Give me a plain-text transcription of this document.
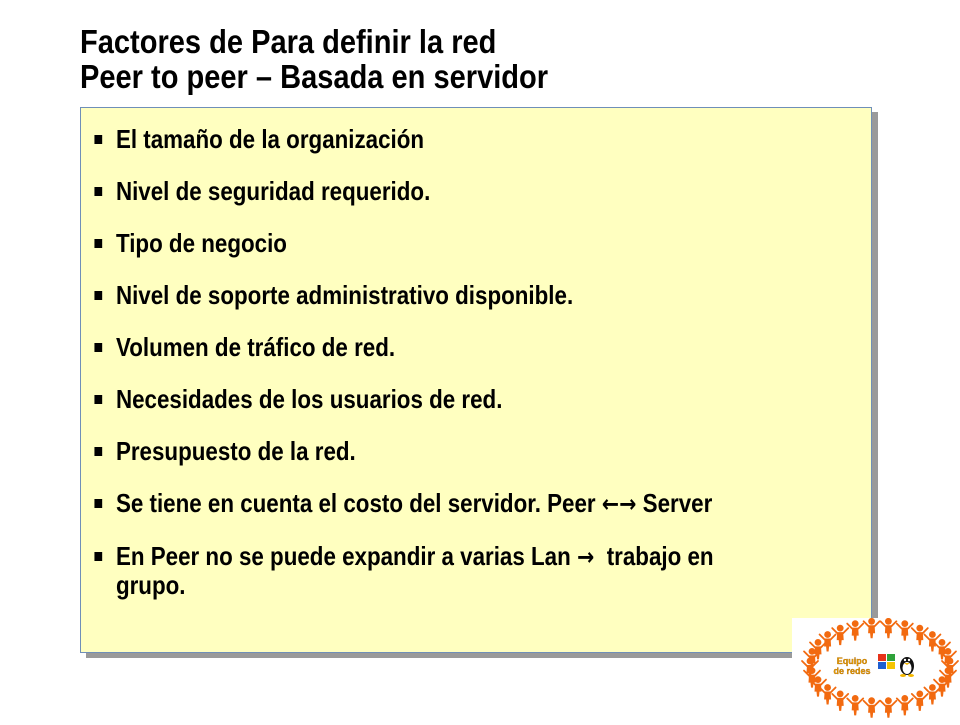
Factores de Para definir la red
Peer to peer – Basada en servidor
El tamaño de la organización
Nivel de seguridad requerido.
Tipo de negocio
Nivel de soporte administrativo disponible.
Volumen de tráfico de red.
Necesidades de los usuarios de red.
Presupuesto de la red.
Se tiene en cuenta el costo del servidor. Peer ←→ Server
En Peer no se puede expandir a varias Lan →  trabajo en grupo.
Equipo
de redes
